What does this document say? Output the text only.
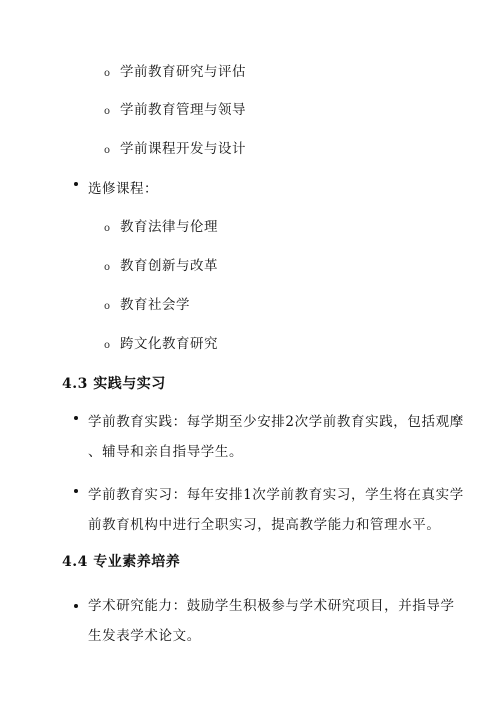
o 学前教育研究与评估
o 学前教育管理与领导
o 学前课程开发与设计
选修课程：
o 教育法律与伦理
o 教育创新与改革
o 教育社会学
o 跨文化教育研究
4.3 实践与实习
学前教育实践：每学期至少安排2次学前教育实践，包括观摩
、辅导和亲自指导学生。
学前教育实习：每年安排1次学前教育实习，学生将在真实学
前教育机构中进行全职实习，提高教学能力和管理水平。
4.4 专业素养培养
学术研究能力：鼓励学生积极参与学术研究项目，并指导学
生发表学术论文。
